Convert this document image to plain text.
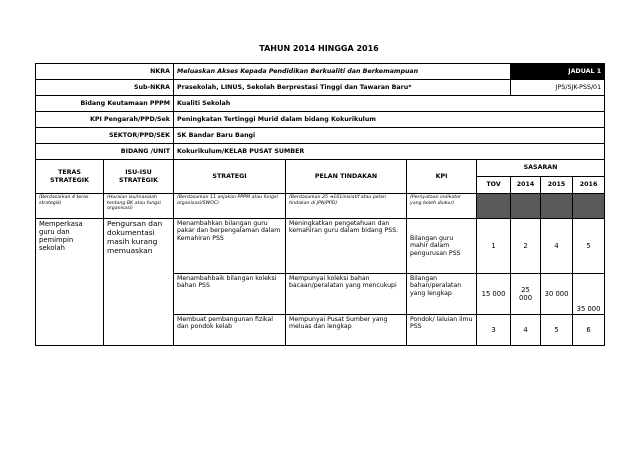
TAHUN 2014 HINGGA 2016
NKRA		Meluaskan Akses Kepada Pendidikan Berkualiti dan Berkemampuan				JADUAL 1		
Sub-NKRA		Prasekolah, LINUS, Sekolah Berprestasi Tinggi dan Tawaran Baru*				JPS/SJK-PSS/01		
Bidang Keutamaan PPPM		Kualiti Sekolah						
KPI Pengarah/PPD/Sek		Peningkatan Tertinggi Murid dalam bidang Kokurikulum						
SEKTOR/PPD/SEK		SK Bandar Baru Bangi						
BIDANG /UNIT		Kokurikulum/KELAB PUSAT SUMBER						
TERAS STRATEGIK	ISU-ISU STRATEGIK	STRATEGI	PELAN TINDAKAN	KPI	SASARAN			
					TOV	2014	2015	2016
(Berdasarkan 4 teras strategik)	(Huraian isu/masalah tentang BK atau fungsi organisasi)	(Berdasarkan 11 anjakan PPPM atau fungsi organisasi/SWOC)	(Berdasarkan 25 ➔101inisiatif atau pelan tindakan di JPN/PPD)	(Pernyataan indikator yang boleh diukur)				
Memperkasa guru dan pemimpin sekolah	Pengursan dan dokumentasi masih kurang memuaskan	Menambahkan bilangan guru pakar dan berpengalaman dalam Kemahiran PSS	Meningkatkan pengetahuan dan kemahiran guru dalam bidang PSS.	Bilangan guru mahir dalam pengurusan PSS	1	2	4	5
		Menambahbaik bilangan koleksi bahan PSS	Mempunyai koleksi bahan bacaan/peralatan yang mencukupi	Bilangan bahan/peralatan yang lengkap	15 000	25 000	30 000	35 000
		Membuat pembangunan fizikal dan pondok kelab	Mempunyai Pusat Sumber yang meluas dan lengkap	Pondok/ laluian ilmu PSS	3	4	5	6
